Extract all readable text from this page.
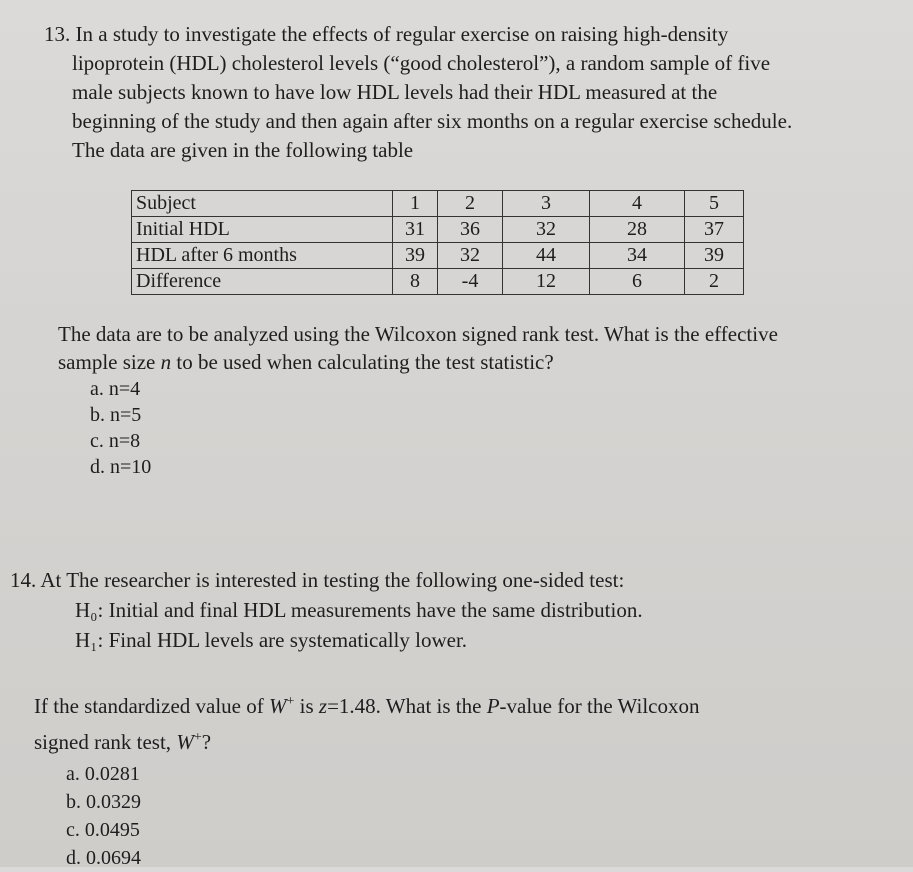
13. In a study to investigate the effects of regular exercise on raising high-density
lipoprotein (HDL) cholesterol levels (“good cholesterol”), a random sample of five
male subjects known to have low HDL levels had their HDL measured at the
beginning of the study and then again after six months on a regular exercise schedule.
The data are given in the following table

Subject	1	2	3	4	5
Initial HDL	31	36	32	28	37
HDL after 6 months	39	32	44	34	39
Difference	8	-4	12	6	2

The data are to be analyzed using the Wilcoxon signed rank test. What is the effective
sample size n to be used when calculating the test statistic?

a. n=4
b. n=5
c. n=8
d. n=10

14. At The researcher is interested in testing the following one-sided test:

H₀: Initial and final HDL measurements have the same distribution.

H₁: Final HDL levels are systematically lower.

If the standardized value of W+ is z=1.48. What is the P-value for the Wilcoxon
signed rank test, W+?

a. 0.0281
b. 0.0329
c. 0.0495
d. 0.0694
